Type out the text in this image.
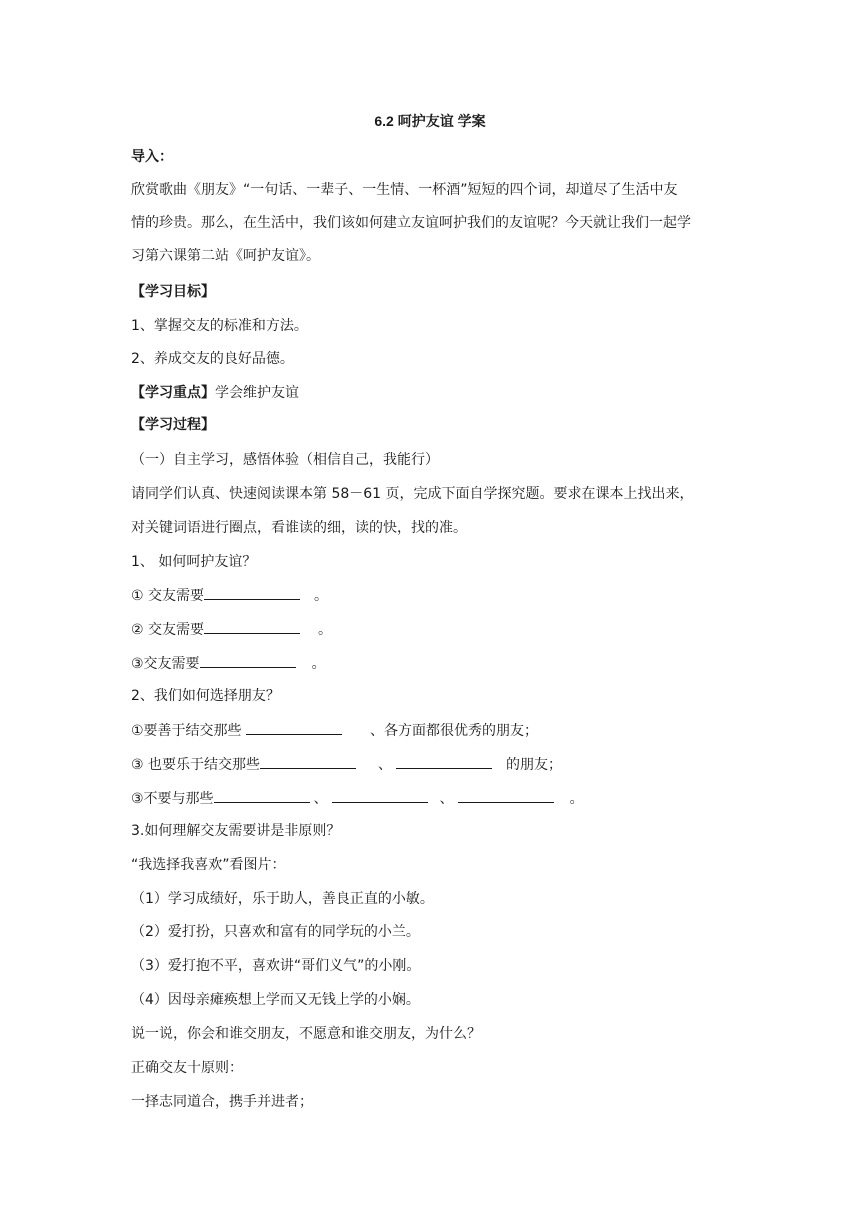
6.2 呵护友谊 学案
导入：
欣赏歌曲《朋友》“一句话、一辈子、一生情、一杯酒”短短的四个词，却道尽了生活中友
情的珍贵。那么，在生活中，我们该如何建立友谊呵护我们的友谊呢？今天就让我们一起学
习第六课第二站《呵护友谊》。
【学习目标】
1、掌握交友的标准和方法。
2、养成交友的良好品德。
【学习重点】学会维护友谊
【学习过程】
（一）自主学习，感悟体验（相信自己，我能行）
请同学们认真、快速阅读课本第 58－61 页，完成下面自学探究题。要求在课本上找出来，
对关键词语进行圈点，看谁读的细，读的快，找的准。
1、 如何呵护友谊？
① 交友需要	。
② 交友需要	。
③交友需要	。
2、我们如何选择朋友？
①要善于结交那些	、各方面都很优秀的朋友；
③ 也要乐于结交那些	、	的朋友；
③不要与那些	、	、	。
3.如何理解交友需要讲是非原则？
“我选择我喜欢”看图片：
（1）学习成绩好，乐于助人，善良正直的小敏。
（2）爱打扮，只喜欢和富有的同学玩的小兰。
（3）爱打抱不平，喜欢讲“哥们义气”的小刚。
（4）因母亲瘫痪想上学而又无钱上学的小娴。
说一说，你会和谁交朋友，不愿意和谁交朋友，为什么？
正确交友十原则：
一择志同道合，携手并进者；
